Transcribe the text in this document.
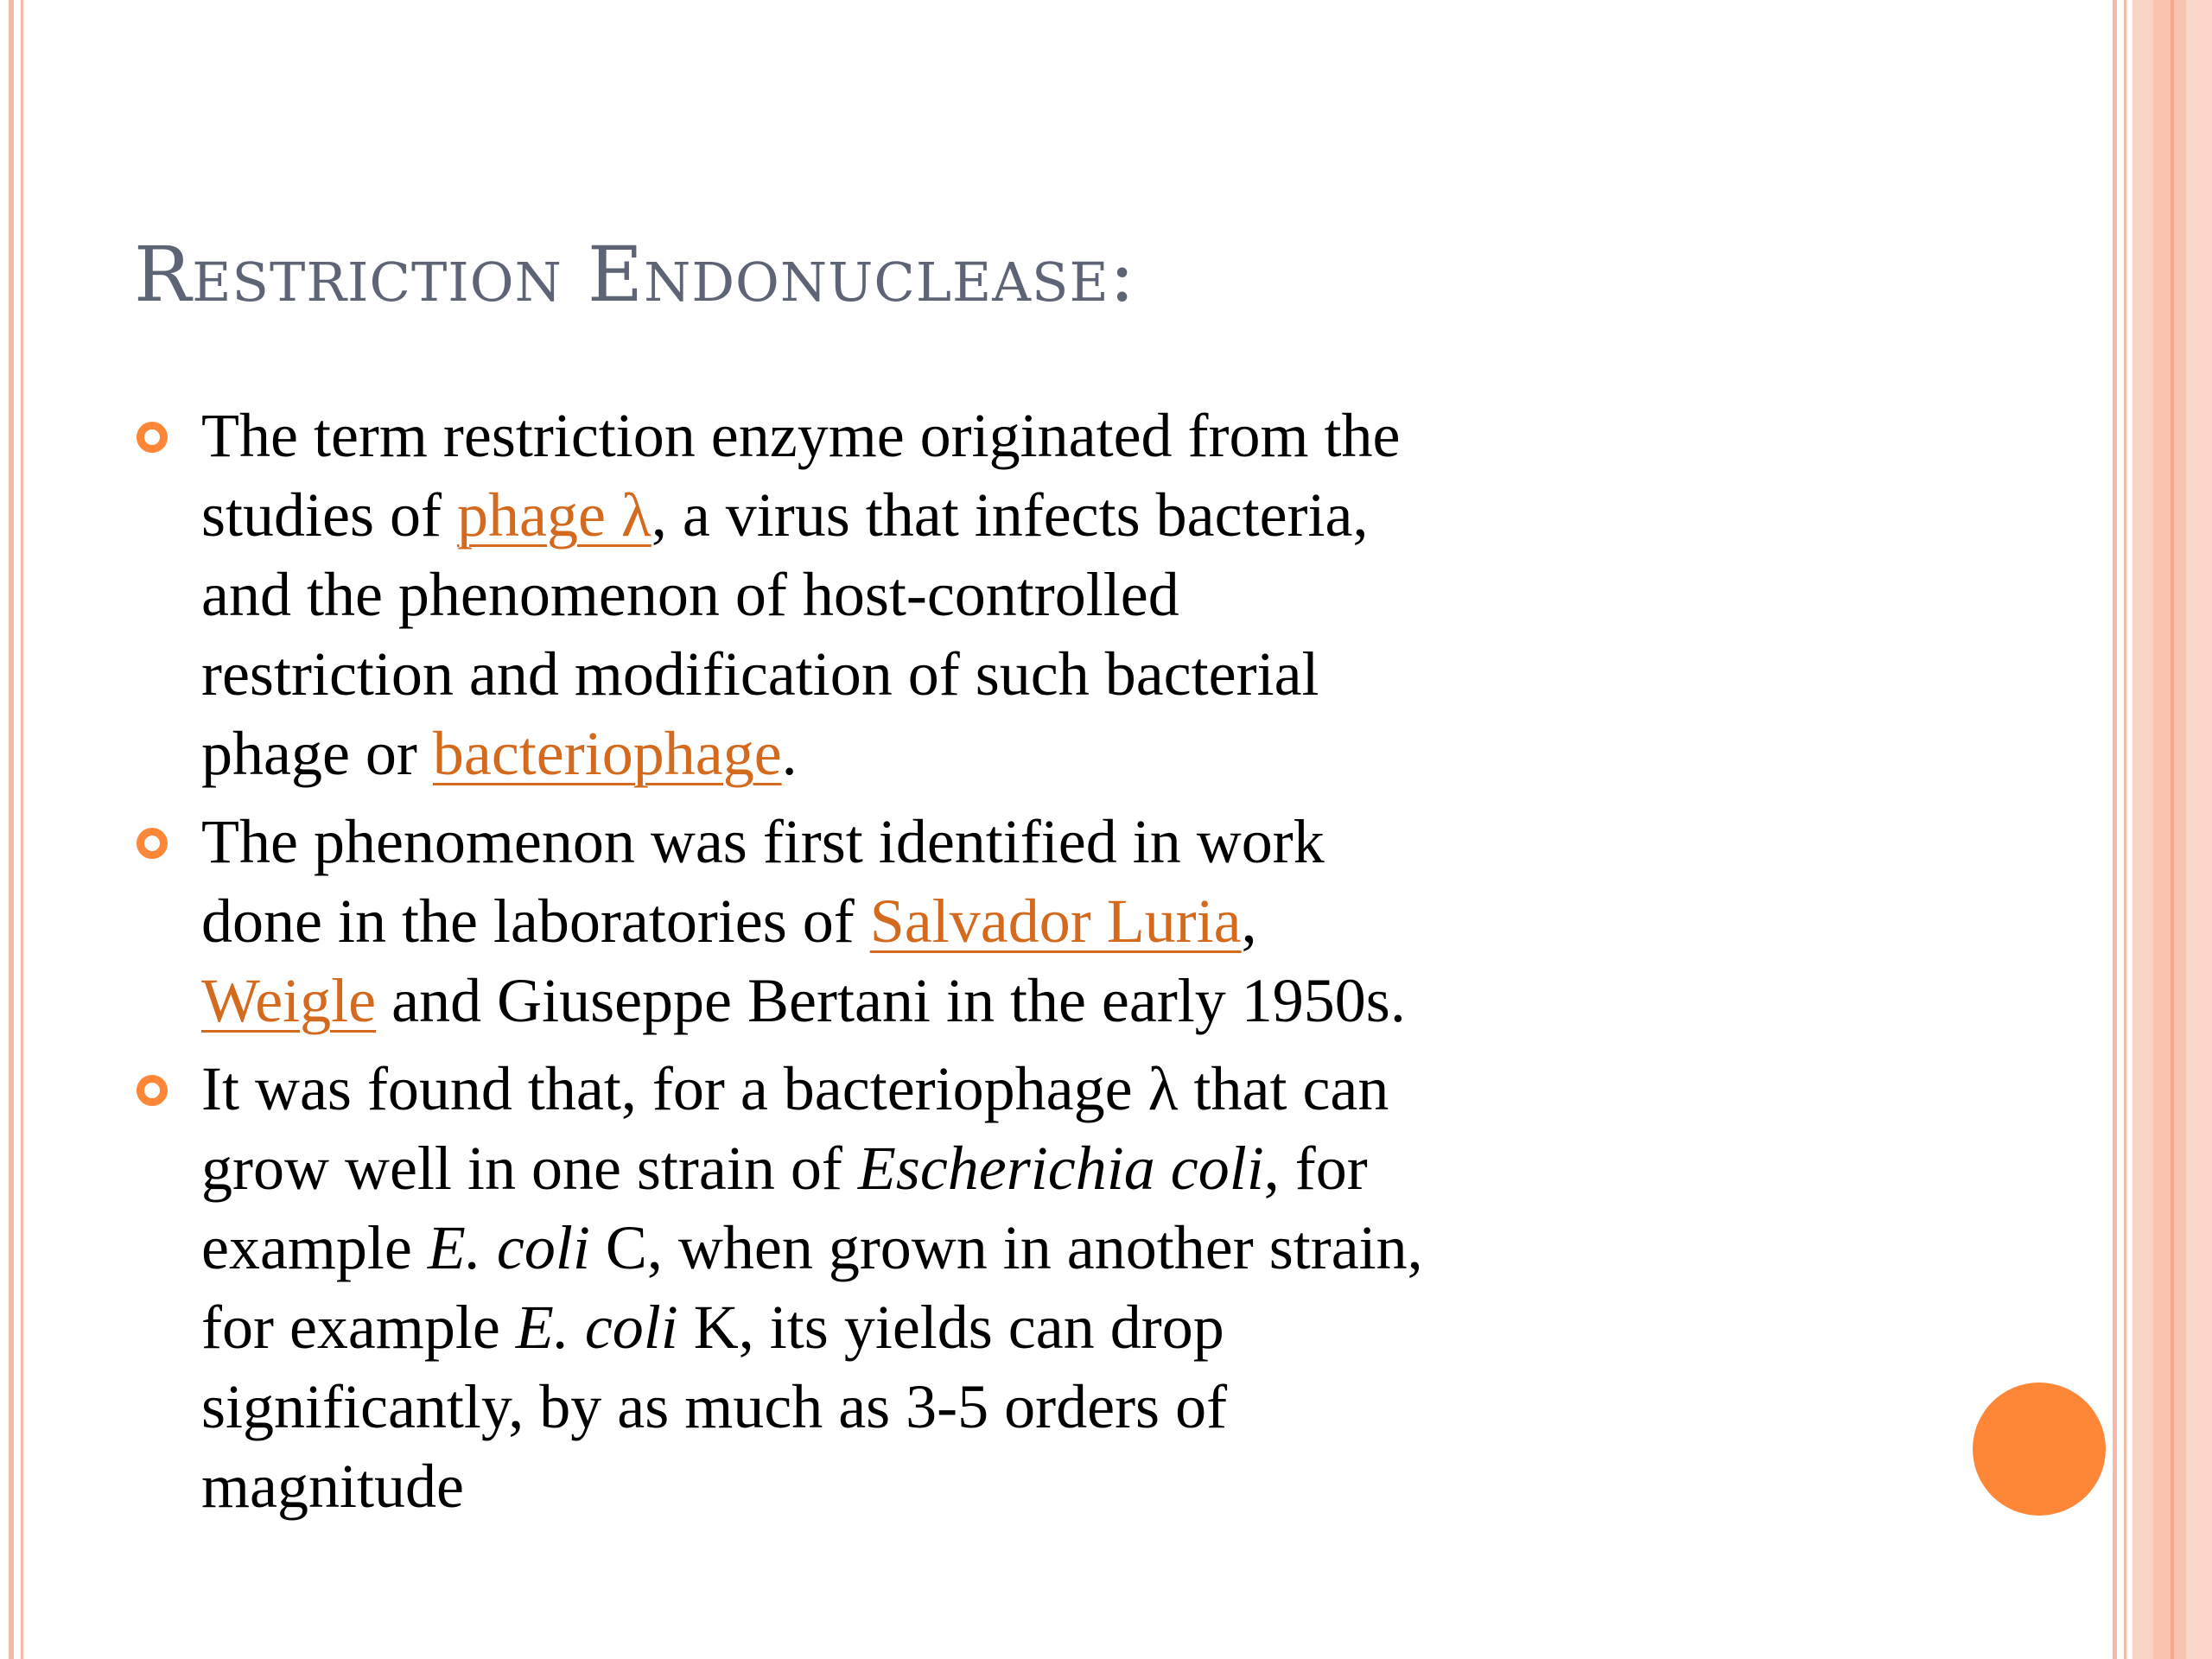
Restriction Endonuclease:
The term restriction enzyme originated from the
studies of phage λ, a virus that infects bacteria,
and the phenomenon of host-controlled
restriction and modification of such bacterial
phage or bacteriophage.
The phenomenon was first identified in work
done in the laboratories of Salvador Luria,
Weigle and Giuseppe Bertani in the early 1950s.
It was found that, for a bacteriophage λ that can
grow well in one strain of Escherichia coli, for
example E. coli C, when grown in another strain,
for example E. coli K, its yields can drop
significantly, by as much as 3-5 orders of
magnitude
